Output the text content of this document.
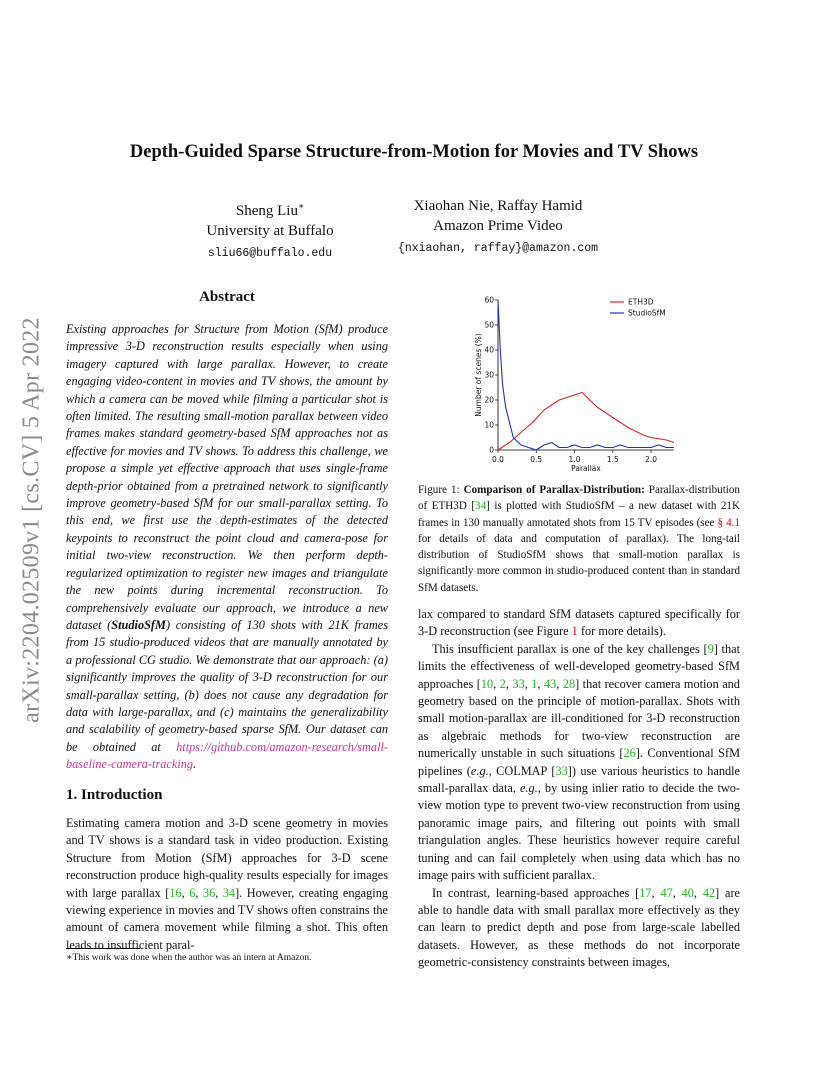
arXiv:2204.02509v1 [cs.CV] 5 Apr 2022
Depth-Guided Sparse Structure-from-Motion for Movies and TV Shows
Sheng Liu∗
University at Buffalo
sliu66@buffalo.edu
Xiaohan Nie, Raffay Hamid
Amazon Prime Video
{nxiaohan, raffay}@amazon.com
Abstract

Existing approaches for Structure from Motion (SfM) produce impressive 3-D reconstruction results especially when using imagery captured with large parallax. However, to create engaging video-content in movies and TV shows, the amount by which a camera can be moved while filming a particular shot is often limited. The resulting small-motion parallax between video frames makes standard geometry-based SfM approaches not as effective for movies and TV shows. To address this challenge, we propose a simple yet effective approach that uses single-frame depth-prior obtained from a pretrained network to significantly improve geometry-based SfM for our small-parallax setting. To this end, we first use the depth-estimates of the detected keypoints to reconstruct the point cloud and camera-pose for initial two-view reconstruction. We then perform depth-regularized optimization to register new images and triangulate the new points during incremental reconstruction. To comprehensively evaluate our approach, we introduce a new dataset (StudioSfM) consisting of 130 shots with 21K frames from 15 studio-produced videos that are manually annotated by a professional CG studio. We demonstrate that our approach: (a) significantly improves the quality of 3-D reconstruction for our small-parallax setting, (b) does not cause any degradation for data with large-parallax, and (c) maintains the generalizability and scalability of geometry-based sparse SfM. Our dataset can be obtained at https://github.com/amazon-research/small-baseline-camera-tracking.

1. Introduction

Estimating camera motion and 3-D scene geometry in movies and TV shows is a standard task in video production. Existing Structure from Motion (SfM) approaches for 3-D scene reconstruction produce high-quality results especially for images with large parallax [16, 6, 36, 34]. However, creating engaging viewing experience in movies and TV shows often constrains the amount of camera movement while filming a shot. This often leads to insufficient paral-

∗This work was done when the author was an intern at Amazon.
0
10
20
30
40
50
60
0.0	0.5	1.0	1.5	2.0
Parallax
Number of scenes (%)
ETH3D
StudioSfM

Figure 1: Comparison of Parallax-Distribution: Parallax-distribution of ETH3D [34] is plotted with StudioSfM – a new dataset with 21K frames in 130 manually annotated shots from 15 TV episodes (see § 4.1 for details of data and computation of parallax). The long-tail distribution of StudioSfM shows that small-motion parallax is significantly more common in studio-produced content than in standard SfM datasets.

lax compared to standard SfM datasets captured specifically for 3-D reconstruction (see Figure 1 for more details).

This insufficient parallax is one of the key challenges [9] that limits the effectiveness of well-developed geometry-based SfM approaches [10, 2, 33, 1, 43, 28] that recover camera motion and geometry based on the principle of motion-parallax. Shots with small motion-parallax are ill-conditioned for 3-D reconstruction as algebraic methods for two-view reconstruction are numerically unstable in such situations [26]. Conventional SfM pipelines (e.g., COLMAP [33]) use various heuristics to handle small-parallax data, e.g., by using inlier ratio to decide the two-view motion type to prevent two-view reconstruction from using panoramic image pairs, and filtering out points with small triangulation angles. These heuristics however require careful tuning and can fail completely when using data which has no image pairs with sufficient parallax.

In contrast, learning-based approaches [17, 47, 40, 42] are able to handle data with small parallax more effectively as they can learn to predict depth and pose from large-scale labelled datasets. However, as these methods do not incorporate geometric-consistency constraints between images,
